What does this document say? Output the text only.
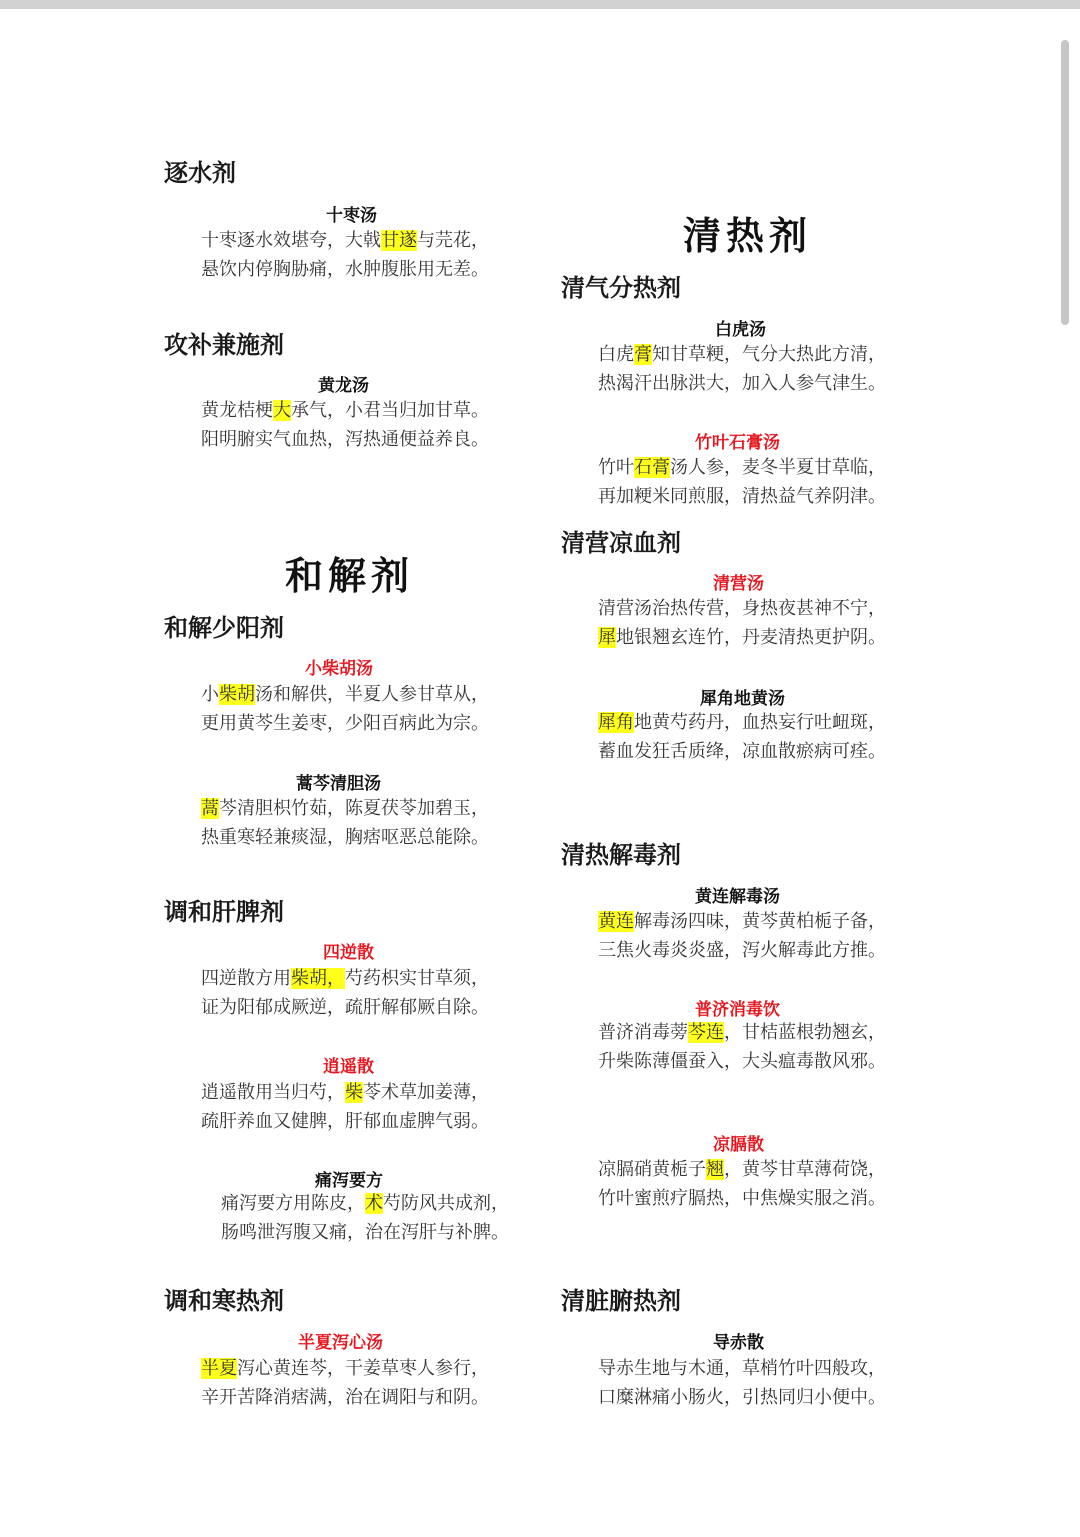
逐水剂
十枣汤
十枣逐水效堪夸，大戟甘遂与芫花，
悬饮内停胸胁痛，水肿腹胀用无差。
攻补兼施剂
黄龙汤
黄龙桔梗大承气，小君当归加甘草。
阳明腑实气血热，泻热通便益养良。
和解剂
和解少阳剂
小柴胡汤
小柴胡汤和解供，半夏人参甘草从，
更用黄芩生姜枣，少阳百病此为宗。
蒿芩清胆汤
蒿芩清胆枳竹茹，陈夏茯苓加碧玉，
热重寒轻兼痰湿，胸痞呕恶总能除。
调和肝脾剂
四逆散
四逆散方用柴胡，芍药枳实甘草须，
证为阳郁成厥逆，疏肝解郁厥自除。
逍遥散
逍遥散用当归芍，柴苓术草加姜薄，
疏肝养血又健脾，肝郁血虚脾气弱。
痛泻要方
痛泻要方用陈皮，术芍防风共成剂，
肠鸣泄泻腹又痛，治在泻肝与补脾。
调和寒热剂
半夏泻心汤
半夏泻心黄连芩，干姜草枣人参行，
辛开苦降消痞满，治在调阳与和阴。
清热剂
清气分热剂
白虎汤
白虎膏知甘草粳，气分大热此方清，
热渴汗出脉洪大，加入人参气津生。
竹叶石膏汤
竹叶石膏汤人参，麦冬半夏甘草临，
再加粳米同煎服，清热益气养阴津。
清营凉血剂
清营汤
清营汤治热传营，身热夜甚神不宁，
犀地银翘玄连竹，丹麦清热更护阴。
犀角地黄汤
犀角地黄芍药丹，血热妄行吐衄斑，
蓄血发狂舌质绛，凉血散瘀病可痊。
清热解毒剂
黄连解毒汤
黄连解毒汤四味，黄芩黄柏栀子备，
三焦火毒炎炎盛，泻火解毒此方推。
普济消毒饮
普济消毒蒡芩连，甘桔蓝根勃翘玄，
升柴陈薄僵蚕入，大头瘟毒散风邪。
凉膈散
凉膈硝黄栀子翘，黄芩甘草薄荷饶，
竹叶蜜煎疗膈热，中焦燥实服之消。
清脏腑热剂
导赤散
导赤生地与木通，草梢竹叶四般攻，
口糜淋痛小肠火，引热同归小便中。
